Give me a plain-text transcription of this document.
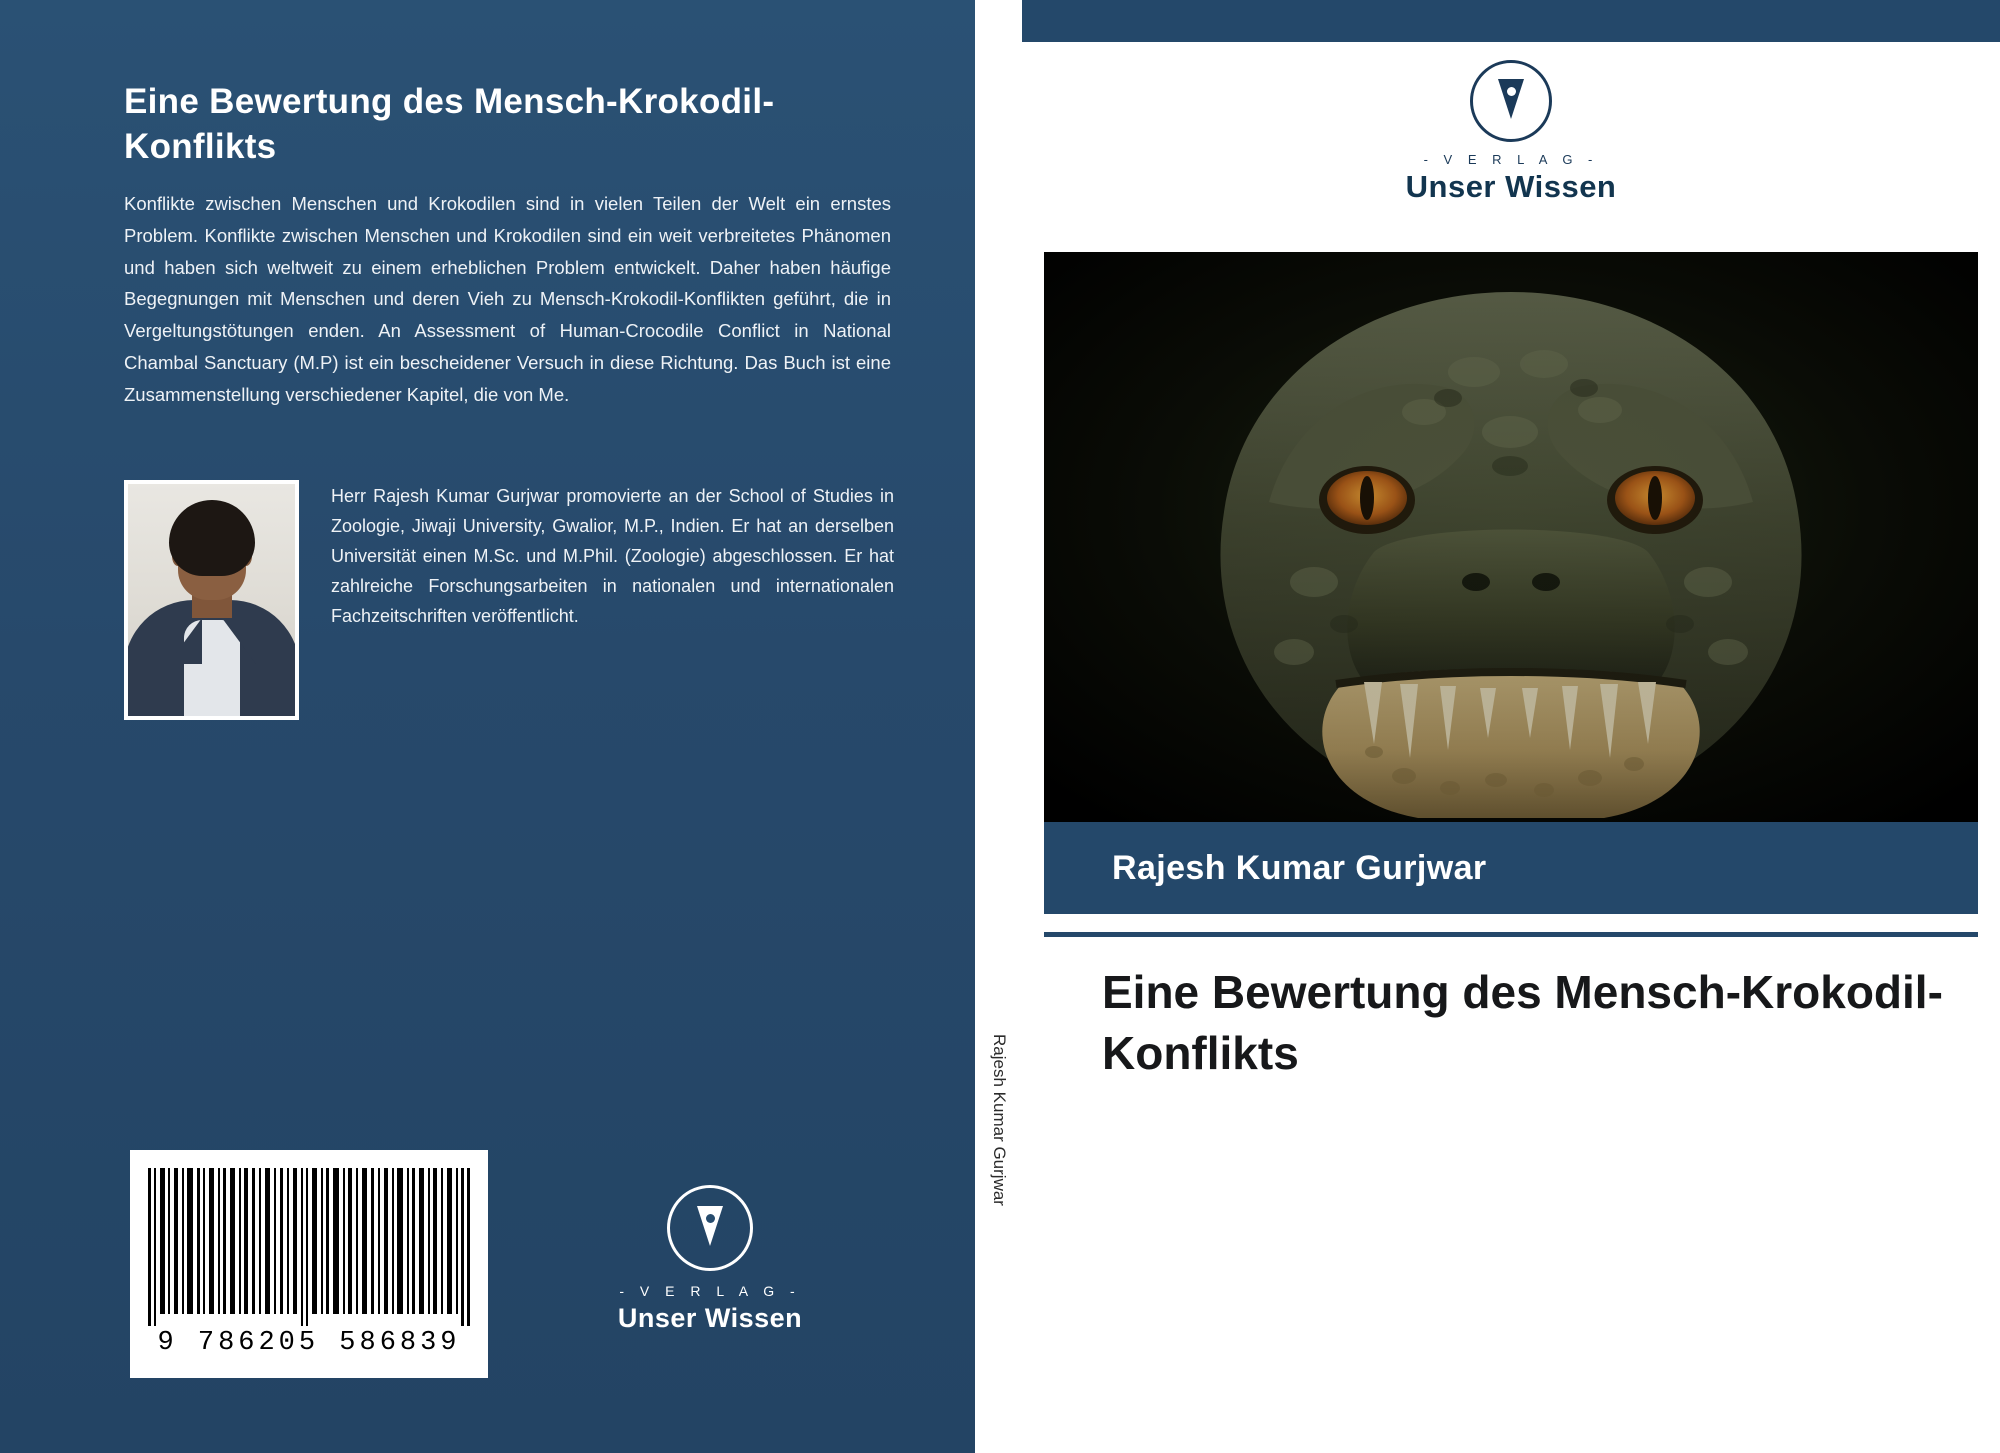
Eine Bewertung des Mensch-Krokodil-Konflikts
Konflikte zwischen Menschen und Krokodilen sind in vielen Teilen der Welt ein ernstes Problem. Konflikte zwischen Menschen und Krokodilen sind ein weit verbreitetes Phänomen und haben sich weltweit zu einem erheblichen Problem entwickelt. Daher haben häufige Begegnungen mit Menschen und deren Vieh zu Mensch-Krokodil-Konflikten geführt, die in Vergeltungstötungen enden. An Assessment of Human-Crocodile Conflict in National Chambal Sanctuary (M.P) ist ein bescheidener Versuch in diese Richtung. Das Buch ist eine Zusammenstellung verschiedener Kapitel, die von Me.
Herr Rajesh Kumar Gurjwar promovierte an der School of Studies in Zoologie, Jiwaji University, Gwalior, M.P., Indien. Er hat an derselben Universität einen M.Sc. und M.Phil. (Zoologie) abgeschlossen. Er hat zahlreiche Forschungsarbeiten in nationalen und internationalen Fachzeitschriften veröffentlicht.
9 786205 586839
- V E R L A G -
Unser Wissen
Rajesh Kumar Gurjwar
- V E R L A G -
Unser Wissen
Rajesh Kumar Gurjwar
Eine Bewertung des Mensch-Krokodil-Konflikts
